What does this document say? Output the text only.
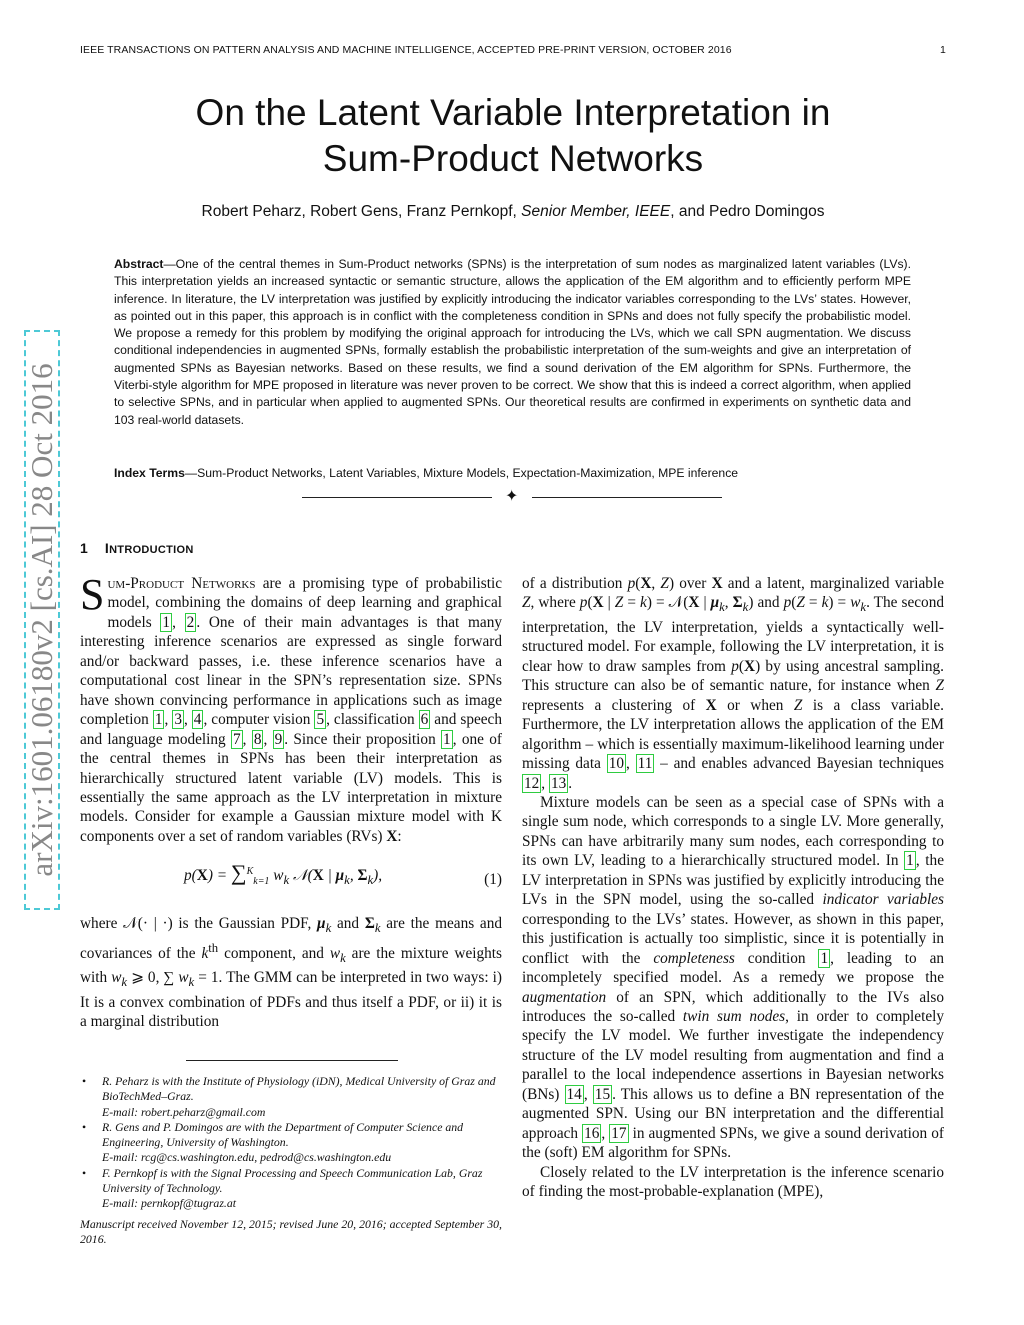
IEEE TRANSACTIONS ON PATTERN ANALYSIS AND MACHINE INTELLIGENCE, ACCEPTED PRE-PRINT VERSION, OCTOBER 2016	1
On the Latent Variable Interpretation in
Sum-Product Networks
Robert Peharz, Robert Gens, Franz Pernkopf, Senior Member, IEEE, and Pedro Domingos
Abstract—One of the central themes in Sum-Product networks (SPNs) is the interpretation of sum nodes as marginalized latent variables (LVs). This interpretation yields an increased syntactic or semantic structure, allows the application of the EM algorithm and to efficiently perform MPE inference. In literature, the LV interpretation was justified by explicitly introducing the indicator variables corresponding to the LVs’ states. However, as pointed out in this paper, this approach is in conflict with the completeness condition in SPNs and does not fully specify the probabilistic model. We propose a remedy for this problem by modifying the original approach for introducing the LVs, which we call SPN augmentation. We discuss conditional independencies in augmented SPNs, formally establish the probabilistic interpretation of the sum-weights and give an interpretation of augmented SPNs as Bayesian networks. Based on these results, we find a sound derivation of the EM algorithm for SPNs. Furthermore, the Viterbi-style algorithm for MPE proposed in literature was never proven to be correct. We show that this is indeed a correct algorithm, when applied to selective SPNs, and in particular when applied to augmented SPNs. Our theoretical results are confirmed in experiments on synthetic data and 103 real-world datasets.
Index Terms—Sum-Product Networks, Latent Variables, Mixture Models, Expectation-Maximization, MPE inference
✦
1 INTRODUCTION
arXiv:1601.06180v2 [cs.AI] 28 Oct 2016 Sum-Product Networks are a promising type of probabilistic model, combining the domains of deep learning and graphical models 1 , 2 . One of their main advantages is that many interesting inference scenarios are expressed as single forward and/or backward passes, i.e. these inference scenarios have a computational cost linear in the SPN’s representation size. SPNs have shown convincing performance in applications such as image completion 1 , 3 , 4 , computer vision 5 , classification 6 and speech and language modeling 7 , 8 , 9 . Since their proposition 1 , one of the central themes in SPNs has been their interpretation as hierarchically structured latent variable (LV) models. This is essentially the same approach as the LV interpretation in mixture models. Consider for example a Gaussian mixture model with K components over a set of random variables (RVs) X:

p(X) = ∑$^K_{k=1}$ $w_k$ 𝒩(X | $\mu_k$, $\Sigma_k$),	(1)

where 𝒩(· | ·) is the Gaussian PDF, $\mu_k$ and $\Sigma_k$ are the means and covariances of the $k^{th}$ component, and $w_k$ are the mixture weights with $w_k$ ⩾ 0, ∑ $w_k = 1$. The GMM can be interpreted in two ways: i) It is a convex combination of PDFs and thus itself a PDF, or ii) it is a marginal distribution

• R. Peharz is with the Institute of Physiology (iDN), Medical University of Graz and BioTechMed–Graz.
E-mail: robert.peharz@gmail.com
• R. Gens and P. Domingos are with the Department of Computer Science and Engineering, University of Washington.
E-mail: rcg@cs.washington.edu, pedrod@cs.washington.edu
• F. Pernkopf is with the Signal Processing and Speech Communication Lab, Graz University of Technology.
E-mail: pernkopf@tugraz.at
Manuscript received November 12, 2015; revised June 20, 2016; accepted September 30, 2016.

of a distribution p(X, Z) over X and a latent, marginalized variable Z, where p(X | Z = k) = 𝒩(X | $\mu_k$, $\Sigma_k$) and $p(Z = k) = w_k$. The second interpretation, the LV interpretation, yields a syntactically well-structured model. For example, following the LV interpretation, it is clear how to draw samples from p(X) by using ancestral sampling. This structure can also be of semantic nature, for instance when Z represents a clustering of X or when Z is a class variable. Furthermore, the LV interpretation allows the application of the EM algorithm – which is essentially maximum-likelihood learning under missing data 10 , 11 – and enables advanced Bayesian techniques 12 , 13 .

Mixture models can be seen as a special case of SPNs with a single sum node, which corresponds to a single LV. More generally, SPNs can have arbitrarily many sum nodes, each corresponding to its own LV, leading to a hierarchically structured model. In 1 , the LV interpretation in SPNs was justified by explicitly introducing the LVs in the SPN model, using the so-called indicator variables corresponding to the LVs’ states. However, as shown in this paper, this justification is actually too simplistic, since it is potentially in conflict with the completeness condition 1 , leading to an incompletely specified model. As a remedy we propose the augmentation of an SPN, which additionally to the IVs also introduces the so-called twin sum nodes, in order to completely specify the LV model. We further investigate the independency structure of the LV model resulting from augmentation and find a parallel to the local independence assertions in Bayesian networks (BNs) 14 , 15 . This allows us to define a BN representation of the augmented SPN. Using our BN interpretation and the differential approach 16 , 17 in augmented SPNs, we give a sound derivation of the (soft) EM algorithm for SPNs.

Closely related to the LV interpretation is the inference scenario of finding the most-probable-explanation (MPE),
